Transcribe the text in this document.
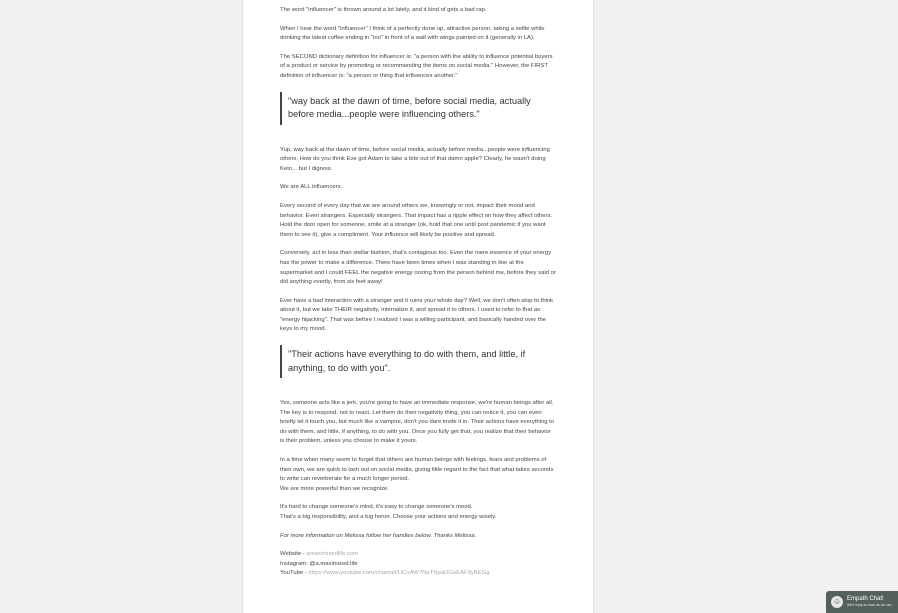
The word "influencer" is thrown around a lot lately, and it kind of gets a bad rap.

When I hear the word "influencer" I think of a perfectly done up, attractive person, taking a selfie while drinking the latest coffee ending in "ino" in front of a wall with wings painted on it (generally in LA).

The SECOND dictionary definition for influencer is: "a person with the ability to influence potential buyers of a product or service by promoting or recommending the items on social media." However, the FIRST definition of influencer is: "a person or thing that influences another."

"way back at the dawn of time, before social media, actually before media...people were influencing others."

Yup, way back at the dawn of time, before social media, actually before media...people were influencing others. How do you think Eve got Adam to take a bite out of that damn apple? Clearly, he wasn't doing Keto... but I digress.

We are ALL influencers.

Every second of every day that we are around others we, knowingly or not, impact their mood and behavior. Even strangers. Especially strangers. That impact has a ripple effect on how they affect others. Hold the door open for someone, smile at a stranger (ok, hold that one until post pandemic if you want them to see it), give a compliment. Your influence will likely be positive and spread.

Conversely, act in less than stellar fashion, that's contagious too. Even the mere essence of your energy has the power to make a difference. There have been times when I was standing in line at the supermarket and I could FEEL the negative energy oozing from the person behind me, before they said or did anything overtly, from six feet away!

Ever have a bad interaction with a stranger and it ruins your whole day? Well, we don't often stop to think about it, but we take THEIR negativity, internalize it, and spread it to others. I used to refer to that as "energy hijacking". That was before I realized I was a willing participant, and basically handed over the keys to my mood.

"Their actions have everything to do with them, and little, if anything, to do with you".

Yes, someone acts like a jerk, you're going to have an immediate response, we're human beings after all. The key is to respond, not to react. Let them do their negativity thing, you can notice it, you can even briefly let it touch you, but much like a vampire, don't you dare invite it in. Their actions have everything to do with them, and little, if anything, to do with you. Once you fully get that, you realize that their behavior is their problem, unless you choose to make it yours.

In a time when many seem to forget that others are human beings with feelings, fears and problems of their own, we are quick to lash out on social media, giving little regard to the fact that what takes seconds to write can reverberate for a much longer period.
We are more powerful than we recognize.

It's hard to change someone's mind, it's easy to change someone's mood.
That's a big responsibility, and a big honor. Choose your actions and energy wisely.

For more information on Melissa follow her handles below. Thanks Melissa.

Website - amaximizedlife.com
Instagram: @a.maximized.life
YouTube - https://www.youtube.com/channel/UCnAW7NpTNpqDGeEAF9yBEGg
☺ Empath Chat!
We'll reply as soon as we can
